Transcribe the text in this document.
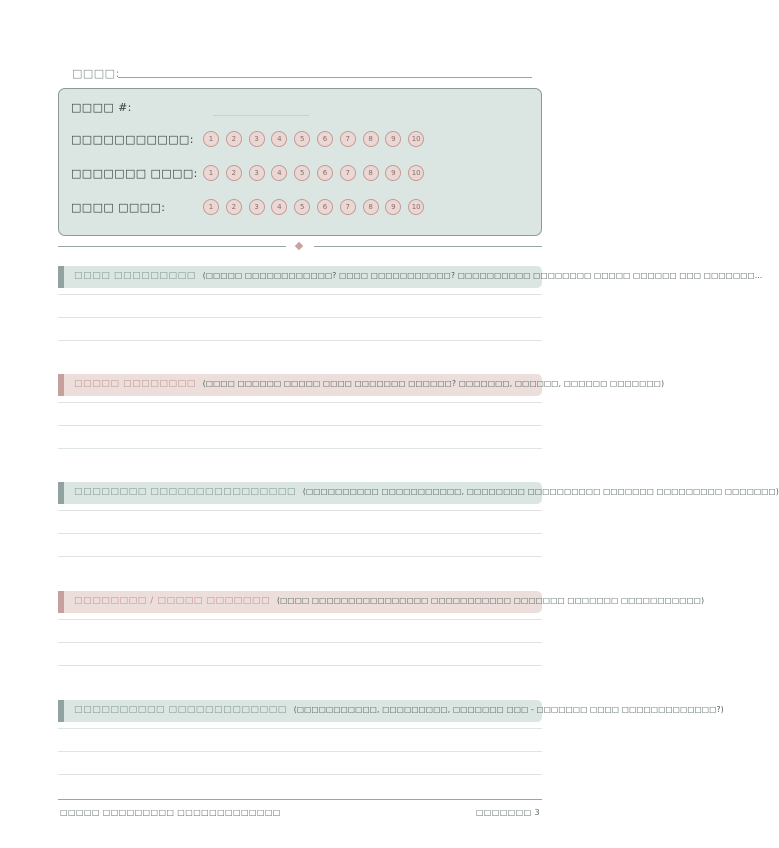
□□□□:
□□□□ #:
□□□□□□□□□□□:	1	2	3	4	5	6	7	8	9	10
□□□□□□□ □□□□:	1	2	3	4	5	6	7	8	9	10
□□□□ □□□□:	1	2	3	4	5	6	7	8	9	10
□□□□ □□□□□□□□□ (□□□□□ □□□□□□□□□□□□? □□□□ □□□□□□□□□□□? □□□□□□□□□□ □□□□□□□□ □□□□□ □□□□□□ □□□ □□□□□□□…
□□□□□ □□□□□□□□ (□□□□ □□□□□□ □□□□□ □□□□ □□□□□□□ □□□□□□? □□□□□□□, □□□□□□, □□□□□□ □□□□□□□)
□□□□□□□□ □□□□□□□□□□□□□□□□ (□□□□□□□□□□ □□□□□□□□□□□, □□□□□□□□ □□□□□□□□□□ □□□□□□□ □□□□□□□□□ □□□□□□□)
□□□□□□□□ / □□□□□ □□□□□□□ (□□□□ □□□□□□□□□□□□□□□□ □□□□□□□□□□□ □□□□□□□ □□□□□□□ □□□□□□□□□□□)
□□□□□□□□□□ □□□□□□□□□□□□□ (□□□□□□□□□□□, □□□□□□□□□, □□□□□□□ □□□ - □□□□□□□ □□□□ □□□□□□□□□□□□□?)
□□□□□ □□□□□□□□□ □□□□□□□□□□□□□	□□□□□□□ 3
